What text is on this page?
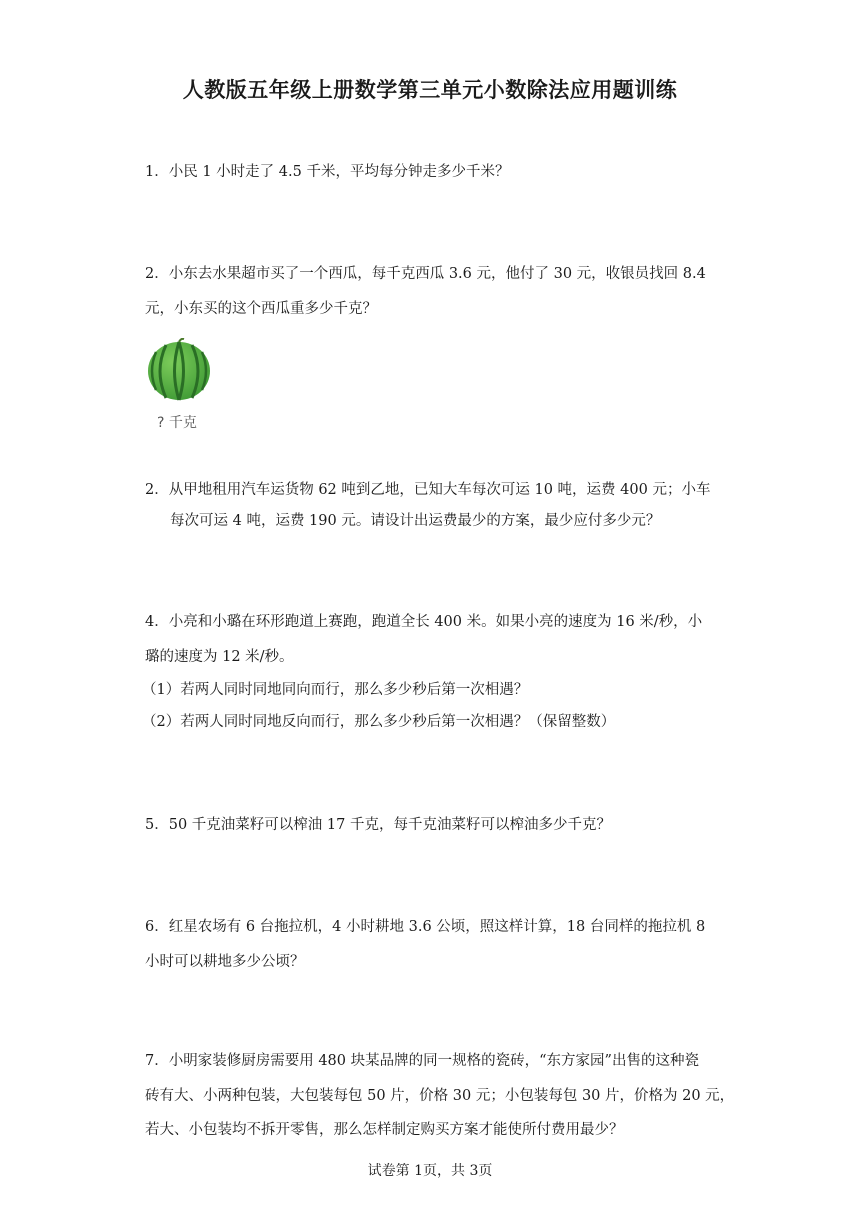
人教版五年级上册数学第三单元小数除法应用题训练
1．小民 1 小时走了 4.5 千米，平均每分钟走多少千米？
2．小东去水果超市买了一个西瓜，每千克西瓜 3.6 元，他付了 30 元，收银员找回 8.4
元，小东买的这个西瓜重多少千克？
? 千克
2．从甲地租用汽车运货物 62 吨到乙地，已知大车每次可运 10 吨，运费 400 元；小车
每次可运 4 吨，运费 190 元。请设计出运费最少的方案，最少应付多少元？
4．小亮和小璐在环形跑道上赛跑，跑道全长 400 米。如果小亮的速度为 16 米/秒，小
璐的速度为 12 米/秒。
（1）若两人同时同地同向而行，那么多少秒后第一次相遇？
（2）若两人同时同地反向而行，那么多少秒后第一次相遇？（保留整数）
5．50 千克油菜籽可以榨油 17 千克，每千克油菜籽可以榨油多少千克？
6．红星农场有 6 台拖拉机，4 小时耕地 3.6 公顷，照这样计算，18 台同样的拖拉机 8
小时可以耕地多少公顷？
7．小明家装修厨房需要用 480 块某品牌的同一规格的瓷砖，“东方家园”出售的这种瓷
砖有大、小两种包装，大包装每包 50 片，价格 30 元；小包装每包 30 片，价格为 20 元，
若大、小包装均不拆开零售，那么怎样制定购买方案才能使所付费用最少？
试卷第 1页，共 3页
